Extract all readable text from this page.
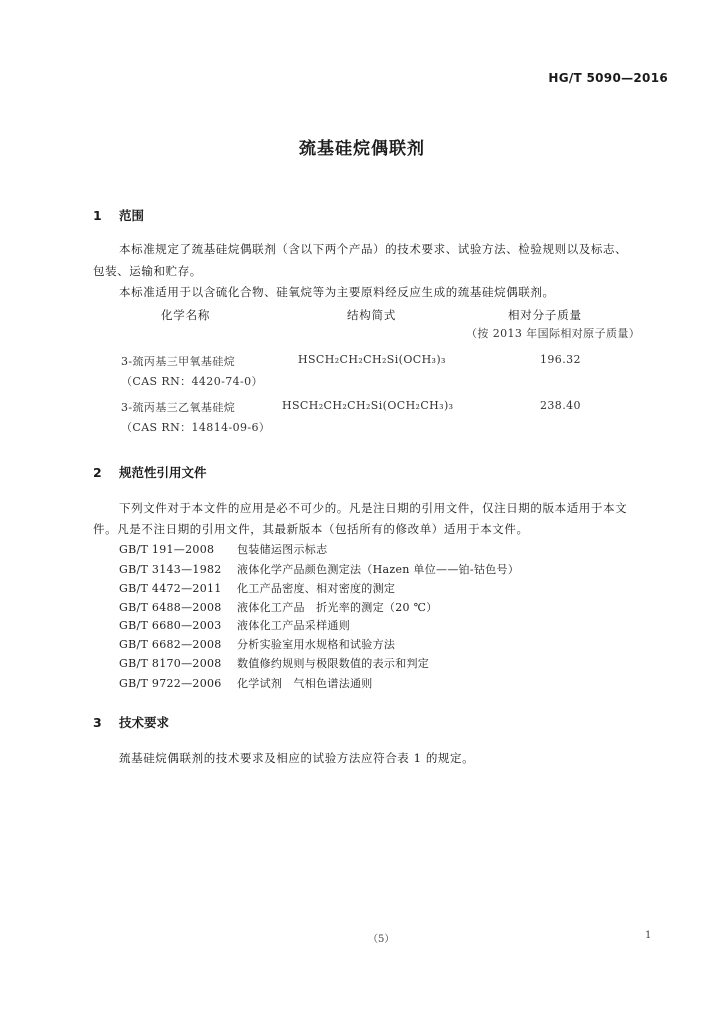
HG/T 5090—2016
巯基硅烷偶联剂
1 范围
本标准规定了巯基硅烷偶联剂（含以下两个产品）的技术要求、试验方法、检验规则以及标志、
包装、运输和贮存。
本标准适用于以含硫化合物、硅氧烷等为主要原料经反应生成的巯基硅烷偶联剂。
化学名称	结构简式	相对分子质量
（按 2013 年国际相对原子质量）
3-巯丙基三甲氧基硅烷
（CAS RN：4420-74-0）
HSCH₂CH₂CH₂Si(OCH₃)₃	196.32
3-巯丙基三乙氧基硅烷
（CAS RN：14814-09-6）
HSCH₂CH₂CH₂Si(OCH₂CH₃)₃	238.40
2 规范性引用文件
下列文件对于本文件的应用是必不可少的。凡是注日期的引用文件，仅注日期的版本适用于本文
件。凡是不注日期的引用文件，其最新版本（包括所有的修改单）适用于本文件。
GB/T 191—2008 包装储运图示标志
GB/T 3143—1982 液体化学产品颜色测定法（Hazen 单位——铂-钴色号）
GB/T 4472—2011 化工产品密度、相对密度的测定
GB/T 6488—2008 液体化工产品　折光率的测定（20 ℃）
GB/T 6680—2003 液体化工产品采样通则
GB/T 6682—2008 分析实验室用水规格和试验方法
GB/T 8170—2008 数值修约规则与极限数值的表示和判定
GB/T 9722—2006 化学试剂　气相色谱法通则
3 技术要求
巯基硅烷偶联剂的技术要求及相应的试验方法应符合表 1 的规定。
（5）	1
